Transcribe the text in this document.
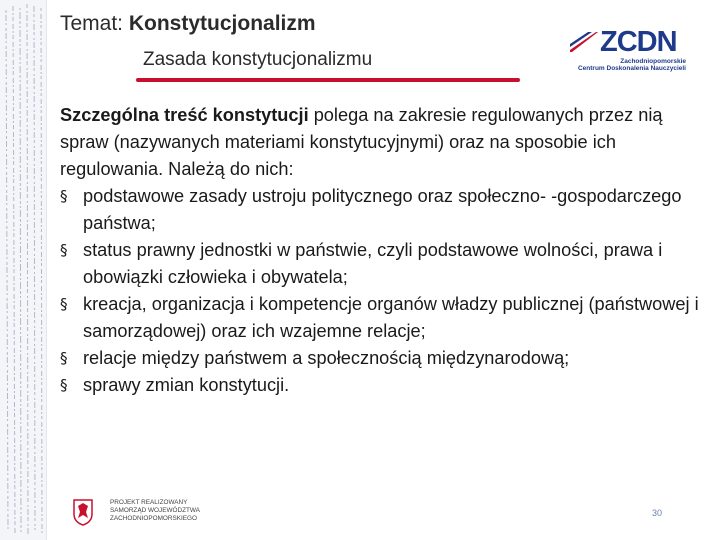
Temat: Konstytucjonalizm
Zasada konstytucjonalizmu
ZCDN
Zachodniopomorskie
Centrum Doskonalenia Nauczycieli

Szczególna treść konstytucji polega na zakresie regulowanych przez nią spraw (nazywanych materiami konstytucyjnymi) oraz na sposobie ich regulowania. Należą do nich:

§ podstawowe zasady ustroju politycznego oraz społeczno- -gospodarczego państwa;
§ status prawny jednostki w państwie, czyli podstawowe wolności, prawa i obowiązki człowieka i obywatela;
§ kreacja, organizacja i kompetencje organów władzy publicznej (państwowej i samorządowej) oraz ich wzajemne relacje;
§ relacje między państwem a społecznością międzynarodową;
§ sprawy zmian konstytucji.
PROJEKT REALIZOWANY
SAMORZĄD WOJEWÓDZTWA
ZACHODNIOPOMORSKIEGO
30
